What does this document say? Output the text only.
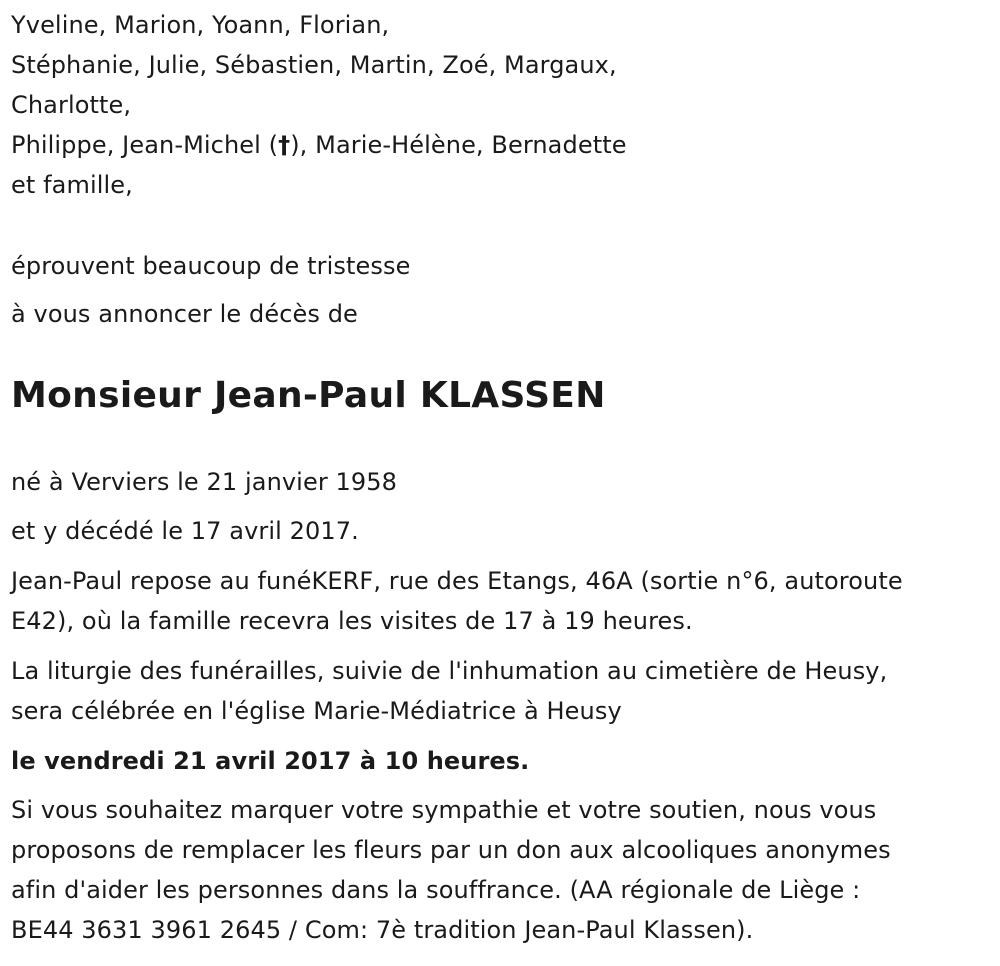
Yveline, Marion, Yoann, Florian,
Stéphanie, Julie, Sébastien, Martin, Zoé, Margaux,
Charlotte,
Philippe, Jean-Michel (†), Marie-Hélène, Bernadette
et famille,
éprouvent beaucoup de tristesse
à vous annoncer le décès de
Monsieur Jean-Paul KLASSEN
né à Verviers le 21 janvier 1958
et y décédé le 17 avril 2017.
Jean-Paul repose au funéKERF, rue des Etangs, 46A (sortie n°6, autoroute
E42), où la famille recevra les visites de 17 à 19 heures.
La liturgie des funérailles, suivie de l'inhumation au cimetière de Heusy,
sera célébrée en l'église Marie-Médiatrice à Heusy
le vendredi 21 avril 2017 à 10 heures.
Si vous souhaitez marquer votre sympathie et votre soutien, nous vous
proposons de remplacer les fleurs par un don aux alcooliques anonymes
afin d'aider les personnes dans la souffrance. (AA régionale de Liège :
BE44 3631 3961 2645 / Com: 7è tradition Jean-Paul Klassen).
